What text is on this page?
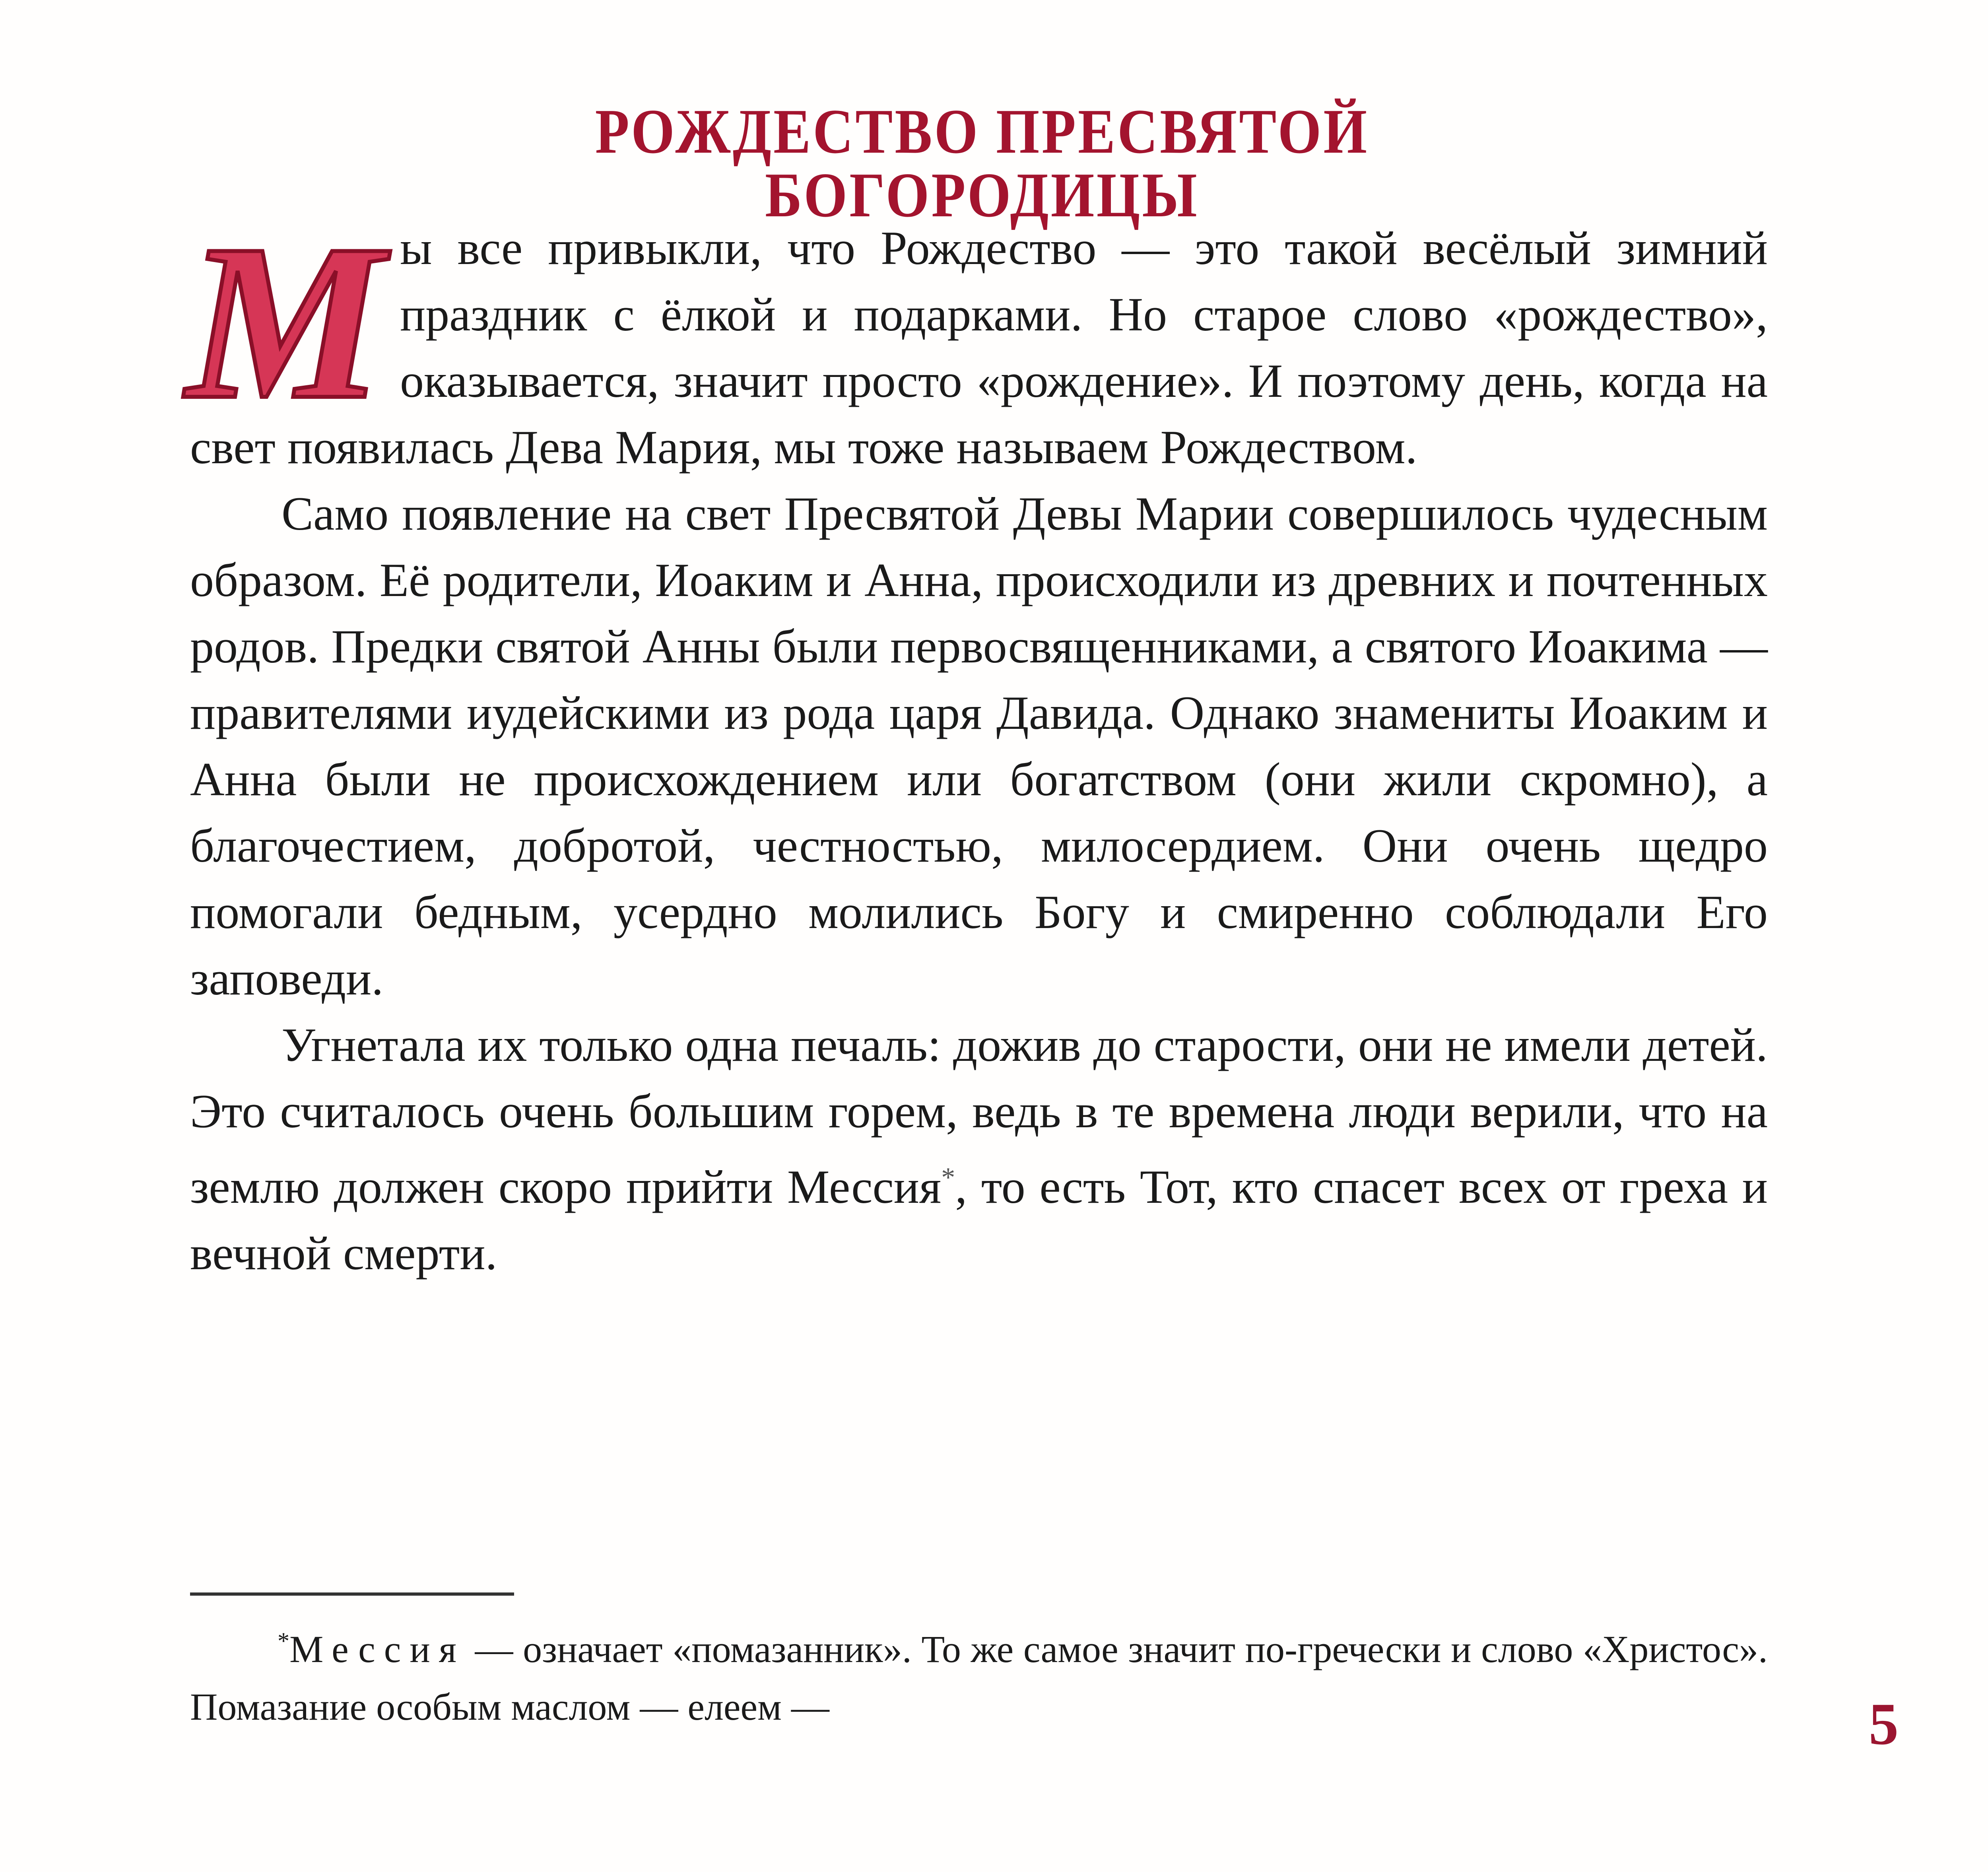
РОЖДЕСТВО ПРЕСВЯТОЙ БОГОРОДИЦЫ

Мы все привыкли, что Рождество — это такой весёлый зимний праздник с ёлкой и подарками. Но старое слово «рождество», оказывается, значит просто «рождение». И поэтому день, когда на свет появилась Дева Мария, мы тоже называем Рождеством.

Само появление на свет Пресвятой Девы Марии совершилось чудесным образом. Её родители, Иоаким и Анна, происходили из древних и почтенных родов. Предки святой Анны были первосвященниками, а святого Иоакима — правителями иудейскими из рода царя Давида. Однако знамениты Иоаким и Анна были не происхождением или богатством (они жили скромно), а благочестием, добротой, честностью, милосердием. Они очень щедро помогали бедным, усердно молились Богу и смиренно соблюдали Его заповеди.

Угнетала их только одна печаль: дожив до старости, они не имели детей. Это считалось очень большим горем, ведь в те времена люди верили, что на землю должен скоро прийти Мессия*, то есть Тот, кто спасет всех от греха и вечной смерти.

*Мессия — означает «помазанник». То же самое значит по-гречески и слово «Христос». Помазание особым маслом — елеем —	5
